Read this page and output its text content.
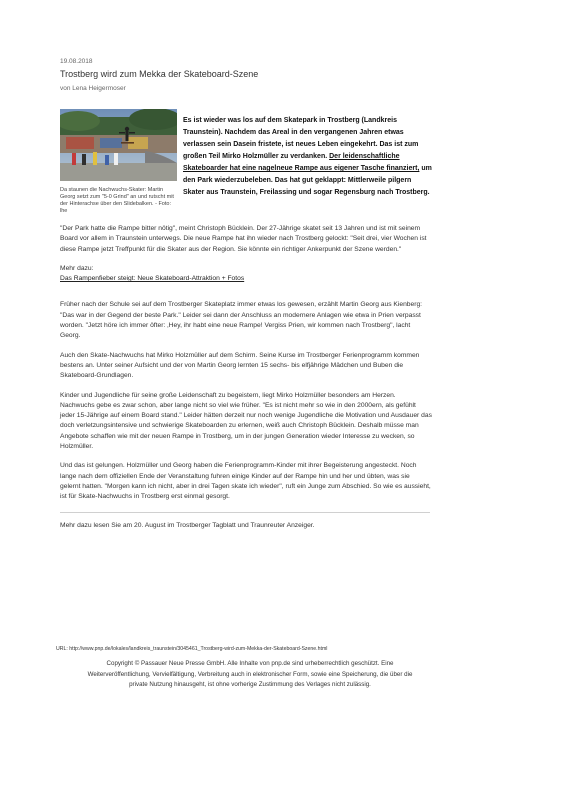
19.08.2018
Trostberg wird zum Mekka der Skateboard-Szene
von Lena Heigermoser
Da staunen die Nachwuchs-Skater: Martin Georg setzt zum "5-0 Grind" an und rutscht mit der Hinterachse über den Slidebalken. - Foto: lhe

Es ist wieder was los auf dem Skatepark in Trostberg (Landkreis Traunstein). Nachdem das Areal in den vergangenen Jahren etwas verlassen sein Dasein fristete, ist neues Leben eingekehrt. Das ist zum großen Teil Mirko Holzmüller zu verdanken. Der leidenschaftliche Skateboarder hat eine nagelneue Rampe aus eigener Tasche finanziert, um den Park wiederzubeleben. Das hat gut geklappt: Mittlerweile pilgern Skater aus Traunstein, Freilassing und sogar Regensburg nach Trostberg.

"Der Park hatte die Rampe bitter nötig", meint Christoph Bücklein. Der 27-Jährige skatet seit 13 Jahren und ist mit seinem Board vor allem in Traunstein unterwegs. Die neue Rampe hat ihn wieder nach Trostberg gelockt: "Seit drei, vier Wochen ist diese Rampe jetzt Treffpunkt für die Skater aus der Region. Sie könnte ein richtiger Ankerpunkt der Szene werden."

Mehr dazu:

Das Rampenfieber steigt: Neue Skateboard-Attraktion + Fotos

Früher nach der Schule sei auf dem Trostberger Skateplatz immer etwas los gewesen, erzählt Martin Georg aus Kienberg: "Das war in der Gegend der beste Park." Leider sei dann der Anschluss an modernere Anlagen wie etwa in Prien verpasst worden. "Jetzt höre ich immer öfter: ‚Hey, ihr habt eine neue Rampe! Vergiss Prien, wir kommen nach Trostberg", lacht Georg.

Auch den Skate-Nachwuchs hat Mirko Holzmüller auf dem Schirm. Seine Kurse im Trostberger Ferienprogramm kommen bestens an. Unter seiner Aufsicht und der von Martin Georg lernten 15 sechs- bis elfjährige Mädchen und Buben die Skateboard-Grundlagen.

Kinder und Jugendliche für seine große Leidenschaft zu begeistern, liegt Mirko Holzmüller besonders am Herzen. Nachwuchs gebe es zwar schon, aber lange nicht so viel wie früher. "Es ist nicht mehr so wie in den 2000ern, als gefühlt jeder 15-Jährige auf einem Board stand." Leider hätten derzeit nur noch wenige Jugendliche die Motivation und Ausdauer das doch verletzungsintensive und schwierige Skateboarden zu erlernen, weiß auch Christoph Bücklein. Deshalb müsse man Angebote schaffen wie mit der neuen Rampe in Trostberg, um in der jungen Generation wieder Interesse zu wecken, so Holzmüller.

Und das ist gelungen. Holzmüller und Georg haben die Ferienprogramm-Kinder mit ihrer Begeisterung angesteckt. Noch lange nach dem offiziellen Ende der Veranstaltung fuhren einige Kinder auf der Rampe hin und her und übten, was sie gelernt hatten. "Morgen kann ich nicht, aber in drei Tagen skate ich wieder", ruft ein Junge zum Abschied. So wie es aussieht, ist für Skate-Nachwuchs in Trostberg erst einmal gesorgt.

Mehr dazu lesen Sie am 20. August im Trostberger Tagblatt und Traunreuter Anzeiger.

URL: http://www.pnp.de/lokales/landkreis_traunstein/3045461_Trostberg-wird-zum-Mekka-der-Skateboard-Szene.html
Copyright © Passauer Neue Presse GmbH. Alle Inhalte von pnp.de sind urheberrechtlich geschützt. Eine Weiterveröffentlichung, Vervielfältigung, Verbreitung auch in elektronischer Form, sowie eine Speicherung, die über die private Nutzung hinausgeht, ist ohne vorherige Zustimmung des Verlages nicht zulässig.
